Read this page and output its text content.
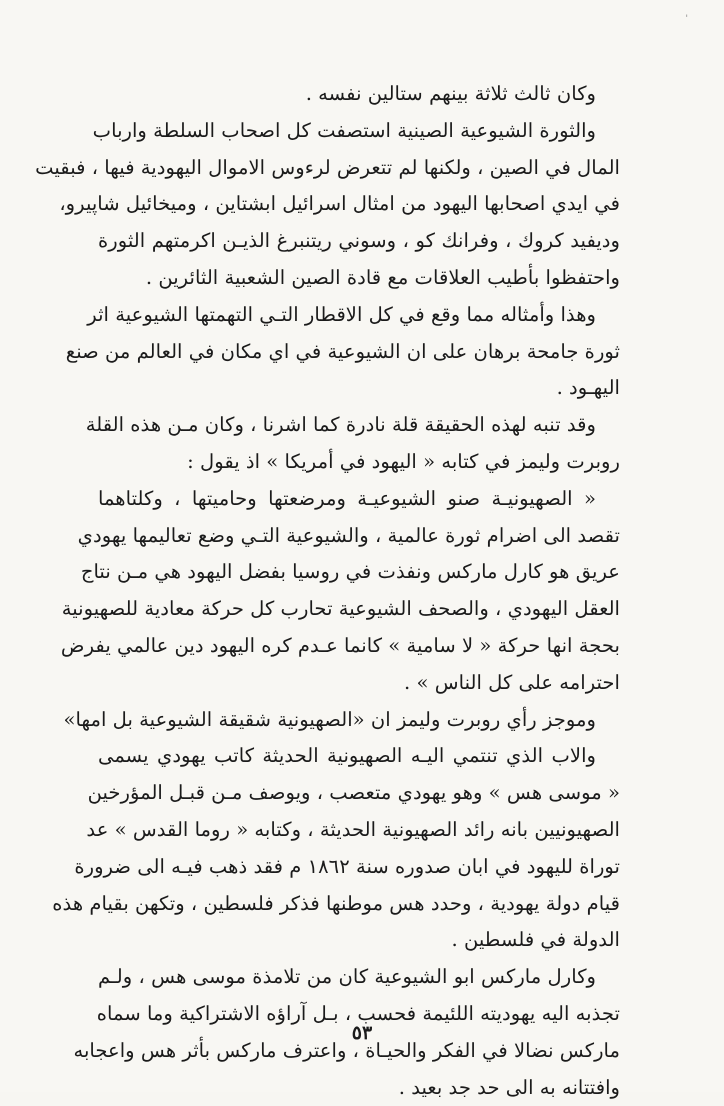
'
وكان ثالث ثلاثة بينهم ستالين نفسه .
والثورة الشيوعية الصينية استصفت كل اصحاب السلطة وارباب
المال في الصين ، ولكنها لم تتعرض لرءوس الاموال اليهودية فيها ، فبقيت
في ايدي اصحابها اليهود من امثال اسرائيل ابشتاين ، وميخائيل شاپيرو،
وديفيد كروك ، وفرانك كو ، وسوني ريتنبرغ الذيـن اكرمتهم الثورة
واحتفظوا بأطيب العلاقات مع قادة الصين الشعبية الثائرين .
وهذا وأمثاله مما وقع في كل الاقطار التـي التهمتها الشيوعية اثر
ثورة جامحة برهان على ان الشيوعية في اي مكان في العالم من صنع
اليهـود .
وقد تنبه لهذه الحقيقة قلة نادرة كما اشرنا ، وكان مـن هذه القلة
روبرت وليمز في كتابه « اليهود في أمريكا » اذ يقول :
« الصهيونيـة صنو الشيوعيـة ومرضعتها وحاميتها ، وكلتاهما
تقصد الى اضرام ثورة عالمية ، والشيوعية التـي وضع تعاليمها يهودي
عريق هو كارل ماركس ونفذت في روسيا بفضل اليهود هي مـن نتاج
العقل اليهودي ، والصحف الشيوعية تحارب كل حركة معادية للصهيونية
بحجة انها حركة « لا سامية » كانما عـدم كره اليهود دين عالمي يفرض
احترامه على كل الناس » .
وموجز رأي روبرت وليمز ان «الصهيونية شقيقة الشيوعية بل امها»
والاب الذي تنتمي اليـه الصهيونية الحديثة كاتب يهودي يسمى
« موسى هس » وهو يهودي متعصب ، ويوصف مـن قبـل المؤرخين
الصهيونيين بانه رائد الصهيونية الحديثة ، وكتابه « روما القدس » عد
توراة لليهود في ابان صدوره سنة ١٨٦٢ م فقد ذهب فيـه الى ضرورة
قيام دولة يهودية ، وحدد هس موطنها فذكر فلسطين ، وتكهن بقيام هذه
الدولة في فلسطين .
وكارل ماركس ابو الشيوعية كان من تلامذة موسى هس ، ولـم
تجذبه اليه يهوديته اللئيمة فحسب ، بـل آراؤه الاشتراكية وما سماه
ماركس نضالا في الفكر والحيـاة ، واعترف ماركس بأثر هس واعجابه
وافتتانه به الى حد جد بعيد .
٥٣
